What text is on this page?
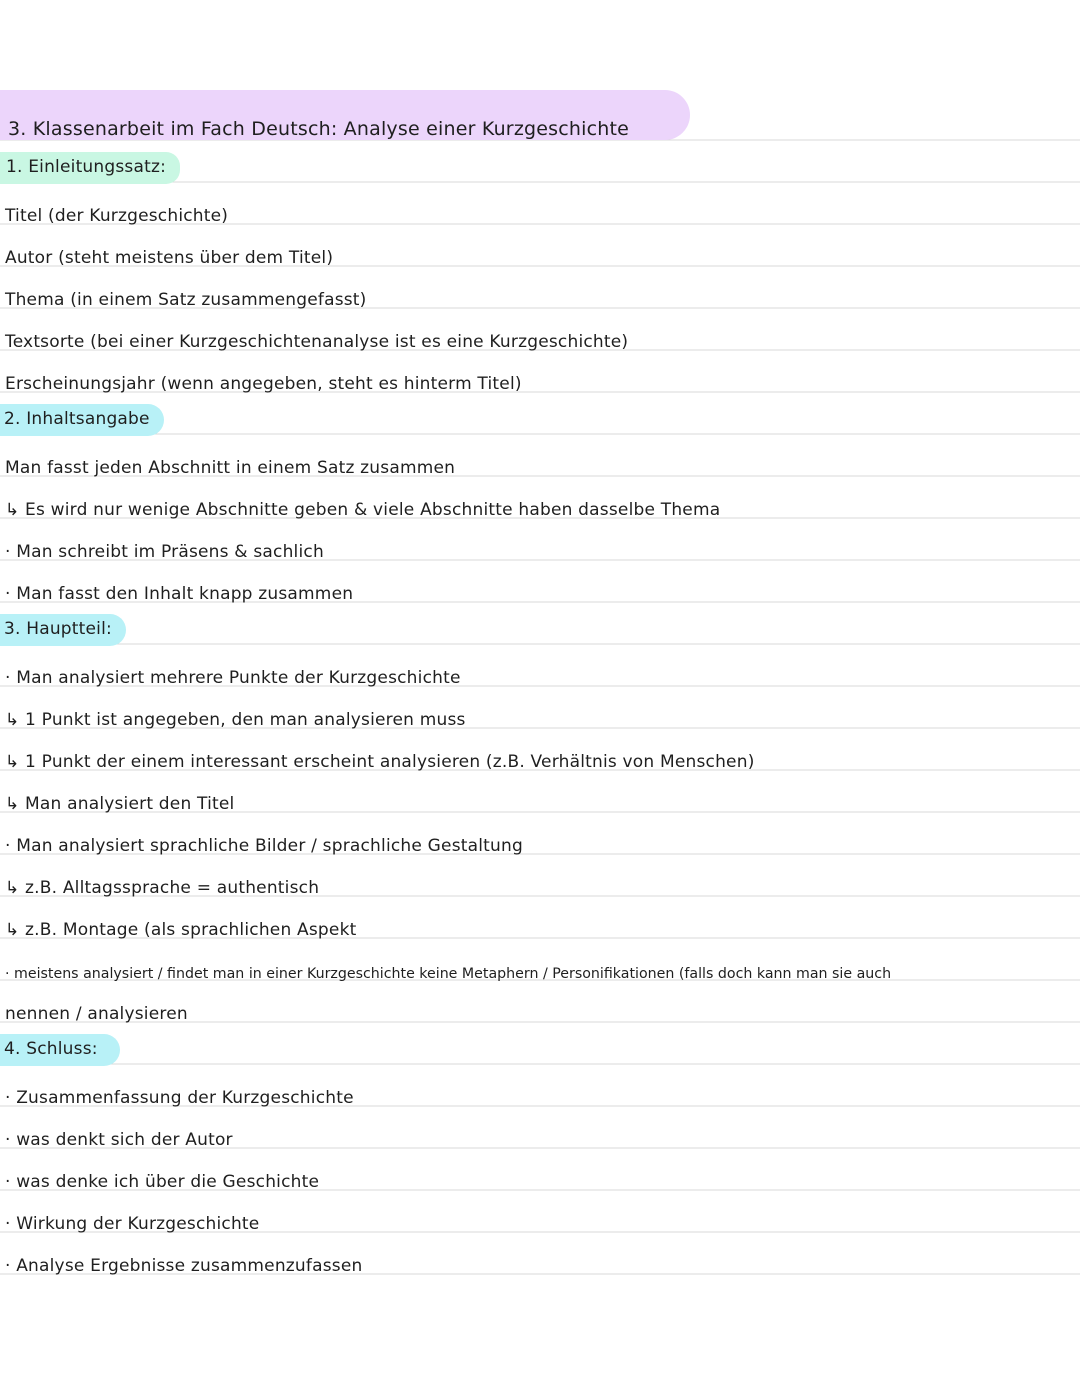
3. Klassenarbeit im Fach Deutsch: Analyse einer Kurzgeschichte
1. Einleitungssatz:
Titel (der Kurzgeschichte)
Autor (steht meistens über dem Titel)
Thema (in einem Satz zusammengefasst)
Textsorte (bei einer Kurzgeschichtenanalyse ist es eine Kurzgeschichte)
Erscheinungsjahr (wenn angegeben, steht es hinterm Titel)
2. Inhaltsangabe
Man fasst jeden Abschnitt in einem Satz zusammen
↳ Es wird nur wenige Abschnitte geben & viele Abschnitte haben dasselbe Thema
· Man schreibt im Präsens & sachlich
· Man fasst den Inhalt knapp zusammen
3. Hauptteil:
· Man analysiert mehrere Punkte der Kurzgeschichte
↳ 1 Punkt ist angegeben, den man analysieren muss
↳ 1 Punkt der einem interessant erscheint analysieren (z.B. Verhältnis von Menschen)
↳ Man analysiert den Titel
· Man analysiert sprachliche Bilder / sprachliche Gestaltung
↳ z.B. Alltagssprache = authentisch
↳ z.B. Montage (als sprachlichen Aspekt
· meistens analysiert / findet man in einer Kurzgeschichte keine Metaphern / Personifikationen (falls doch kann man sie auch
nennen / analysieren
4. Schluss:
· Zusammenfassung der Kurzgeschichte
· was denkt sich der Autor
· was denke ich über die Geschichte
· Wirkung der Kurzgeschichte
· Analyse Ergebnisse zusammenzufassen
